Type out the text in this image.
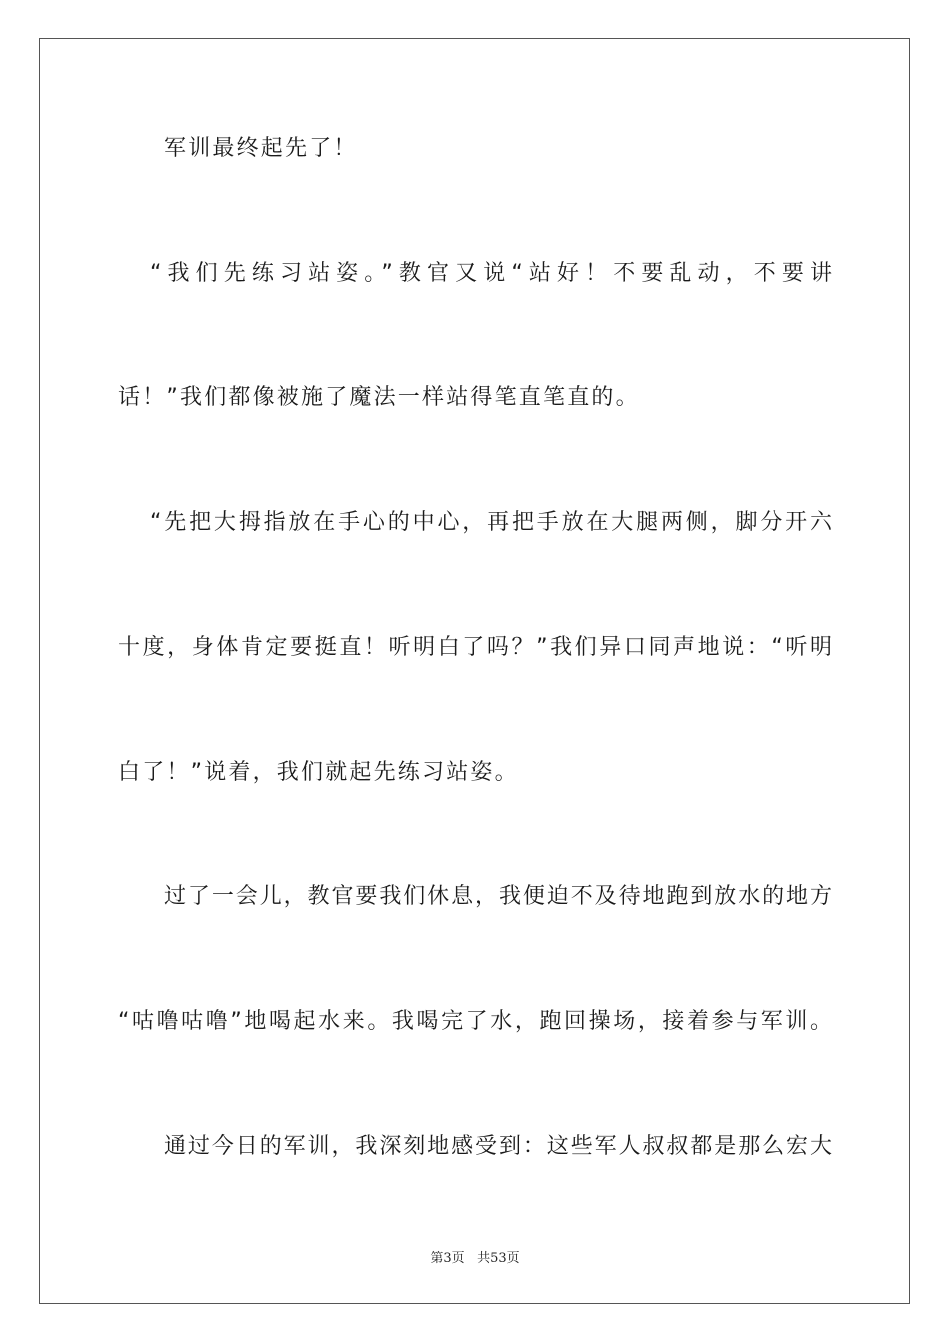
军训最终起先了！
“我们先练习站姿。”教官又说“站好！不要乱动，不要讲
话！”我们都像被施了魔法一样站得笔直笔直的。
“先把大拇指放在手心的中心，再把手放在大腿两侧，脚分开六
十度，身体肯定要挺直！听明白了吗？”我们异口同声地说：“听明
白了！”说着，我们就起先练习站姿。
过了一会儿，教官要我们休息，我便迫不及待地跑到放水的地方
“咕噜咕噜”地喝起水来。我喝完了水，跑回操场，接着参与军训。
通过今日的军训，我深刻地感受到：这些军人叔叔都是那么宏大
第3页 共53页
